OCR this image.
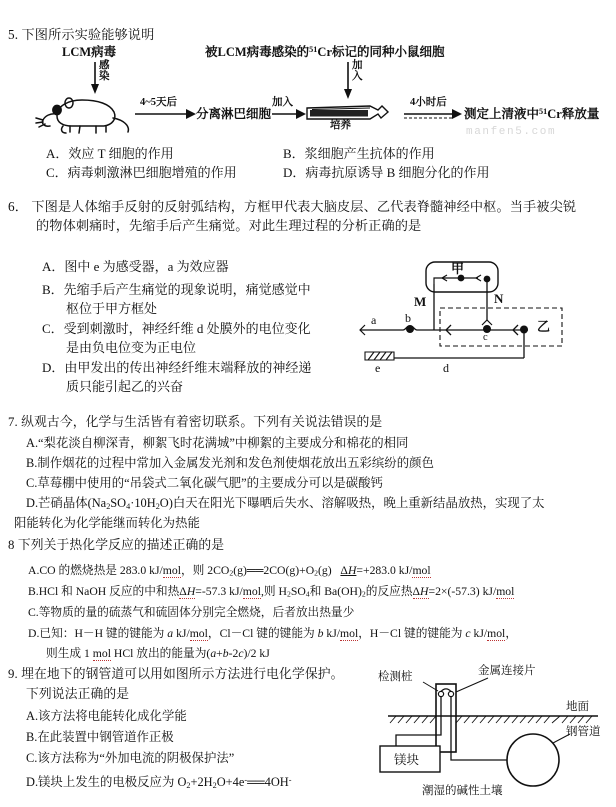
5. 下图所示实验能够说明
LCM病毒
感
染
4~5天后
分离淋巴细胞
加入
被LCM病毒感染的$^{51}$Cr标记的同种小鼠细胞
加
入
培养
4小时后
测定上清液中$^{51}$Cr释放量
manfen5.com
A．效应 T 细胞的作用	B．浆细胞产生抗体的作用
C．病毒刺激淋巴细胞增殖的作用	D．病毒抗原诱导 B 细胞分化的作用
6． 下图是人体缩手反射的反射弧结构，方框甲代表大脑皮层、乙代表脊髓神经中枢。当手被尖锐
的物体刺痛时，先缩手后产生痛觉。对此生理过程的分析正确的是
A．图中 e 为感受器，a 为效应器
B．先缩手后产生痛觉的现象说明，痛觉感觉中
枢位于甲方框处
C．受到刺激时，神经纤维 d 处膜外的电位变化
是由负电位变为正电位
D．由甲发出的传出神经纤维末端释放的神经递
质只能引起乙的兴奋
甲
M	N
乙
a b
c
d
e
7. 纵观古今，化学与生活皆有着密切联系。下列有关说法错误的是
A.“梨花淡自柳深青，柳絮飞时花满城”中柳絮的主要成分和棉花的相同
B.制作烟花的过程中常加入金属发光剂和发色剂使烟花放出五彩缤纷的颜色
C.草莓棚中使用的“吊袋式二氧化碳气肥”的主要成分可以是碳酸钙
D.芒硝晶体$(Na_2SO_4\cdot 10H_2O)$白天在阳光下曝晒后失水、溶解吸热，晚上重新结晶放热，实现了太
阳能转化为化学能继而转化为热能
8 下列关于热化学反应的描述正确的是
A.CO 的燃烧热是 283.0 kJ/mol，则 $2CO_2(g)══2CO(g)+O_2(g)$   ΔH=+283.0 kJ/mol
B.HCl 和 NaOH 反应的中和热ΔH=-57.3 kJ/mol,则 $H_2SO_4$和 $Ba(OH)_2$的反应热ΔH=2×(-57.3) kJ/mol
C.等物质的量的硫蒸气和硫固体分别完全燃烧，后者放出热量少
D.已知：H－H 键的键能为 a kJ/mol，Cl－Cl 键的键能为 b kJ/mol，H－Cl 键的键能为 c kJ/mol，
则生成 1 mol HCl 放出的能量为(a+b-2c)/2 kJ
9. 埋在地下的钢管道可以用如图所示方法进行电化学保护。
下列说法正确的是
A.该方法将电能转化成化学能
B.在此装置中钢管道作正极
C.该方法称为“外加电流的阴极保护法”
D.镁块上发生的电极反应为 $O_2+2H_2O+4e^-══4OH^-$
检测桩	金属连接片
地面
钢管道
镁块
潮湿的碱性土壤
